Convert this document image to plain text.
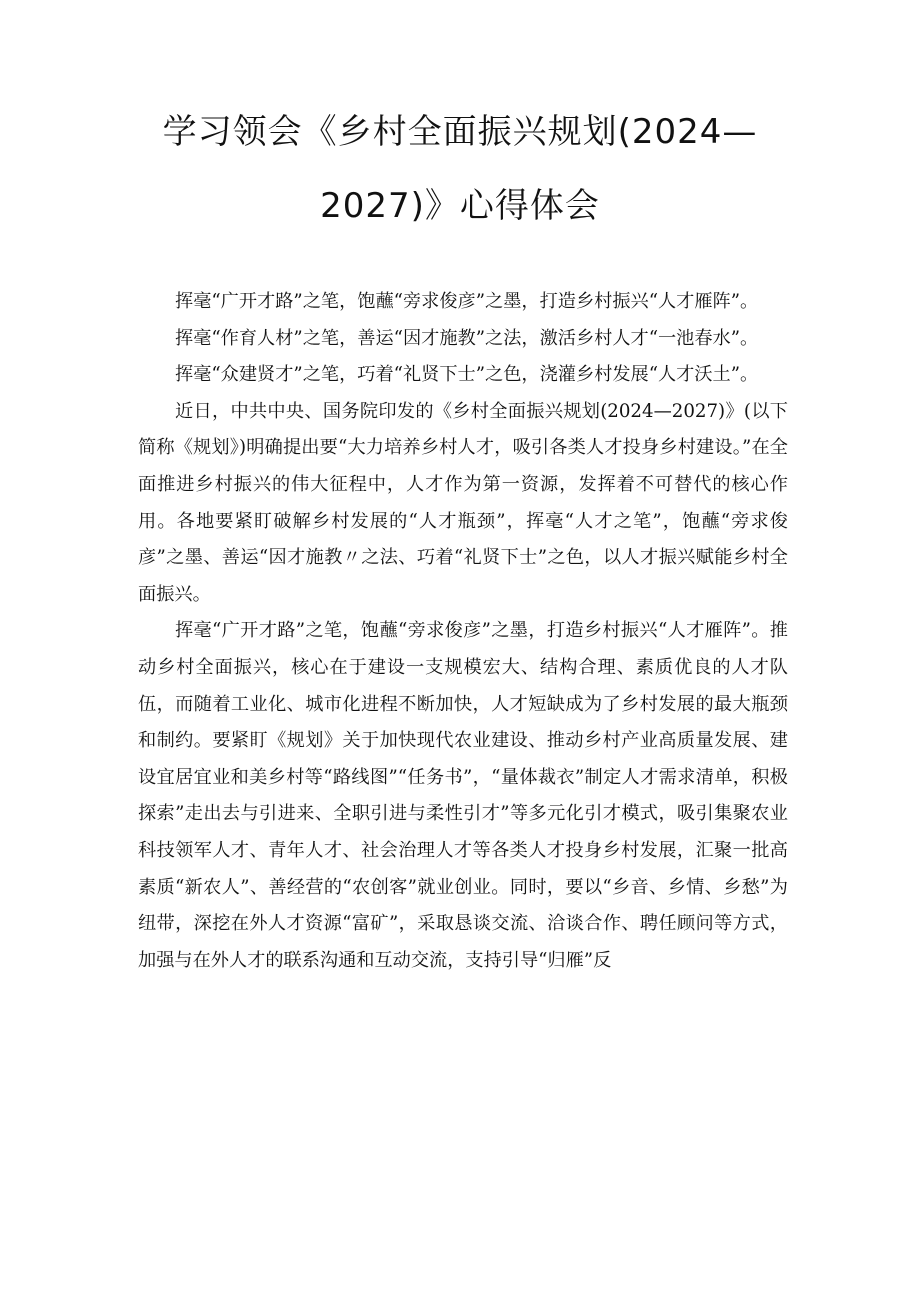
学习领会《乡村全面振兴规划(2024—
2027)》心得体会

挥毫“广开才路”之笔，饱蘸“旁求俊彦”之墨，打造乡村振兴“人才雁阵”。

挥毫“作育人材”之笔，善运“因才施教”之法，激活乡村人才“一池春水”。

挥毫“众建贤才”之笔，巧着“礼贤下士”之色，浇灌乡村发展“人才沃土”。

近日，中共中央、国务院印发的《乡村全面振兴规划(2024—2027)》(以下简称《规划》)明确提出要“大力培养乡村人才，吸引各类人才投身乡村建设。”在全面推进乡村振兴的伟大征程中，人才作为第一资源，发挥着不可替代的核心作用。各地要紧盯破解乡村发展的“人才瓶颈”，挥毫“人才之笔”，饱蘸“旁求俊彦”之墨、善运“因才施教〃之法、巧着“礼贤下士”之色，以人才振兴赋能乡村全面振兴。

挥毫“广开才路”之笔，饱蘸“旁求俊彦”之墨，打造乡村振兴“人才雁阵”。推动乡村全面振兴，核心在于建设一支规模宏大、结构合理、素质优良的人才队伍，而随着工业化、城市化进程不断加快，人才短缺成为了乡村发展的最大瓶颈和制约。要紧盯《规划》关于加快现代农业建设、推动乡村产业高质量发展、建设宜居宜业和美乡村等“路线图”“任务书”，“量体裁衣”制定人才需求清单，积极探索”走出去与引进来、全职引进与柔性引才”等多元化引才模式，吸引集聚农业科技领军人才、青年人才、社会治理人才等各类人才投身乡村发展，汇聚一批高素质“新农人”、善经营的“农创客”就业创业。同时，要以“乡音、乡情、乡愁”为纽带，深挖在外人才资源“富矿”，采取恳谈交流、洽谈合作、聘任顾问等方式，加强与在外人才的联系沟通和互动交流，支持引导“归雁”反
